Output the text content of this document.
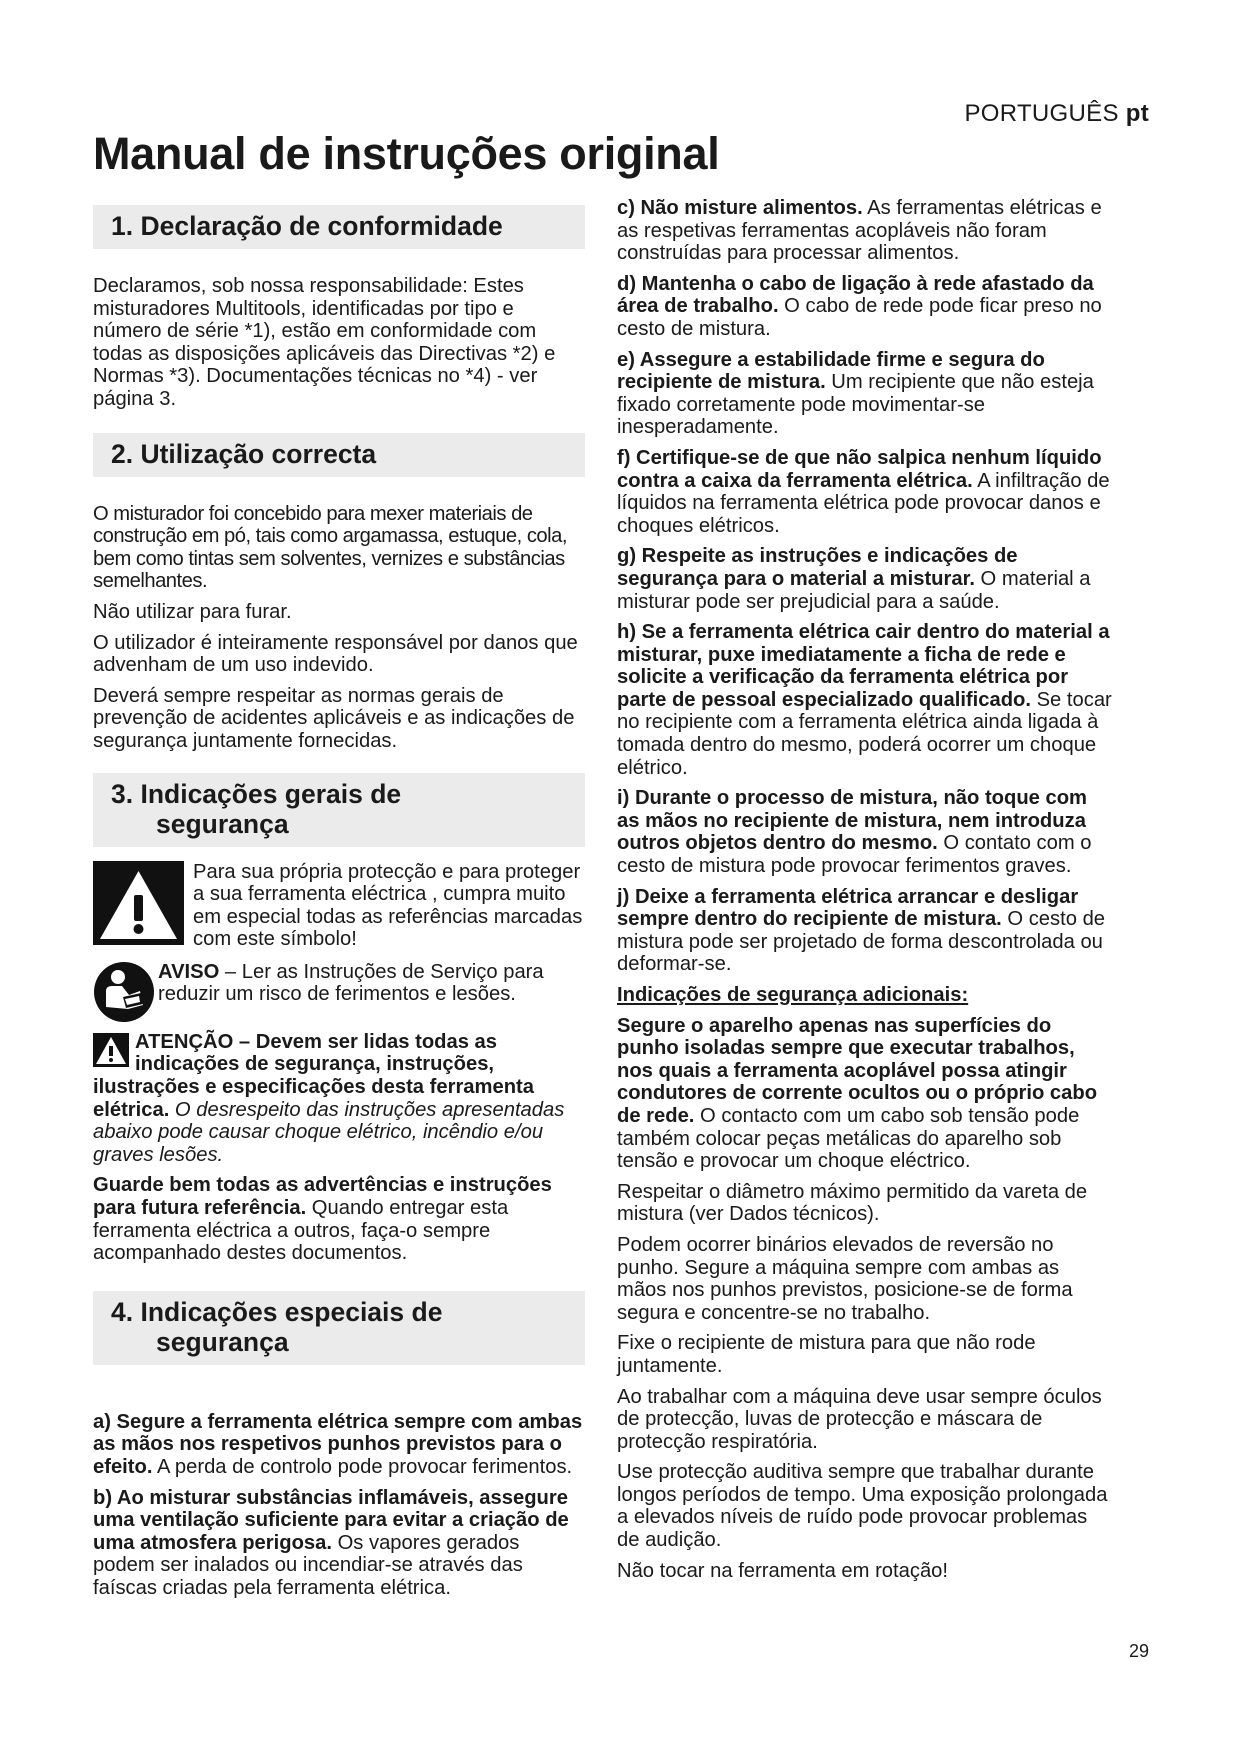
PORTUGUÊS pt
Manual de instruções original
1. Declaração de conformidade

Declaramos, sob nossa responsabilidade: Estes misturadores Multitools, identificadas por tipo e número de série *1), estão em conformidade com todas as disposições aplicáveis das Directivas *2) e Normas *3). Documentações técnicas no *4) - ver página 3.

2. Utilização correcta

O misturador foi concebido para mexer materiais de construção em pó, tais como argamassa, estuque, cola, bem como tintas sem solventes, vernizes e substâncias semelhantes.

Não utilizar para furar.

O utilizador é inteiramente responsável por danos que advenham de um uso indevido.

Deverá sempre respeitar as normas gerais de prevenção de acidentes aplicáveis e as indicações de segurança juntamente fornecidas.

3. Indicações gerais de
segurança
Para sua própria protecção e para proteger a sua ferramenta eléctrica , cumpra muito em especial todas as referências marcadas com este símbolo!
AVISO – Ler as Instruções de Serviço para reduzir um risco de ferimentos e lesões.

ATENÇÃO – Devem ser lidas todas as indicações de segurança, instruções, ilustrações e especificações desta ferramenta elétrica. O desrespeito das instruções apresentadas abaixo pode causar choque elétrico, incêndio e/ou graves lesões.

Guarde bem todas as advertências e instruções para futura referência. Quando entregar esta ferramenta eléctrica a outros, faça-o sempre acompanhado destes documentos.

4. Indicações especiais de
segurança

a) Segure a ferramenta elétrica sempre com ambas as mãos nos respetivos punhos previstos para o efeito. A perda de controlo pode provocar ferimentos.

b) Ao misturar substâncias inflamáveis, assegure uma ventilação suficiente para evitar a criação de uma atmosfera perigosa. Os vapores gerados podem ser inalados ou incendiar-se através das faíscas criadas pela ferramenta elétrica.

c) Não misture alimentos. As ferramentas elétricas e as respetivas ferramentas acopláveis não foram construídas para processar alimentos.

d) Mantenha o cabo de ligação à rede afastado da área de trabalho. O cabo de rede pode ficar preso no cesto de mistura.

e) Assegure a estabilidade firme e segura do recipiente de mistura. Um recipiente que não esteja fixado corretamente pode movimentar-se inesperadamente.

f) Certifique-se de que não salpica nenhum líquido contra a caixa da ferramenta elétrica. A infiltração de líquidos na ferramenta elétrica pode provocar danos e choques elétricos.

g) Respeite as instruções e indicações de segurança para o material a misturar. O material a misturar pode ser prejudicial para a saúde.

h) Se a ferramenta elétrica cair dentro do material a misturar, puxe imediatamente a ficha de rede e solicite a verificação da ferramenta elétrica por parte de pessoal especializado qualificado. Se tocar no recipiente com a ferramenta elétrica ainda ligada à tomada dentro do mesmo, poderá ocorrer um choque elétrico.

i) Durante o processo de mistura, não toque com as mãos no recipiente de mistura, nem introduza outros objetos dentro do mesmo. O contato com o cesto de mistura pode provocar ferimentos graves.

j) Deixe a ferramenta elétrica arrancar e desligar sempre dentro do recipiente de mistura. O cesto de mistura pode ser projetado de forma descontrolada ou deformar-se.

Indicações de segurança adicionais:

Segure o aparelho apenas nas superfícies do punho isoladas sempre que executar trabalhos, nos quais a ferramenta acoplável possa atingir condutores de corrente ocultos ou o próprio cabo de rede. O contacto com um cabo sob tensão pode também colocar peças metálicas do aparelho sob tensão e provocar um choque eléctrico.

Respeitar o diâmetro máximo permitido da vareta de mistura (ver Dados técnicos).

Podem ocorrer binários elevados de reversão no punho. Segure a máquina sempre com ambas as mãos nos punhos previstos, posicione-se de forma segura e concentre-se no trabalho.

Fixe o recipiente de mistura para que não rode juntamente.

Ao trabalhar com a máquina deve usar sempre óculos de protecção, luvas de protecção e máscara de protecção respiratória.

Use protecção auditiva sempre que trabalhar durante longos períodos de tempo. Uma exposição prolongada a elevados níveis de ruído pode provocar problemas de audição.

Não tocar na ferramenta em rotação!

29
